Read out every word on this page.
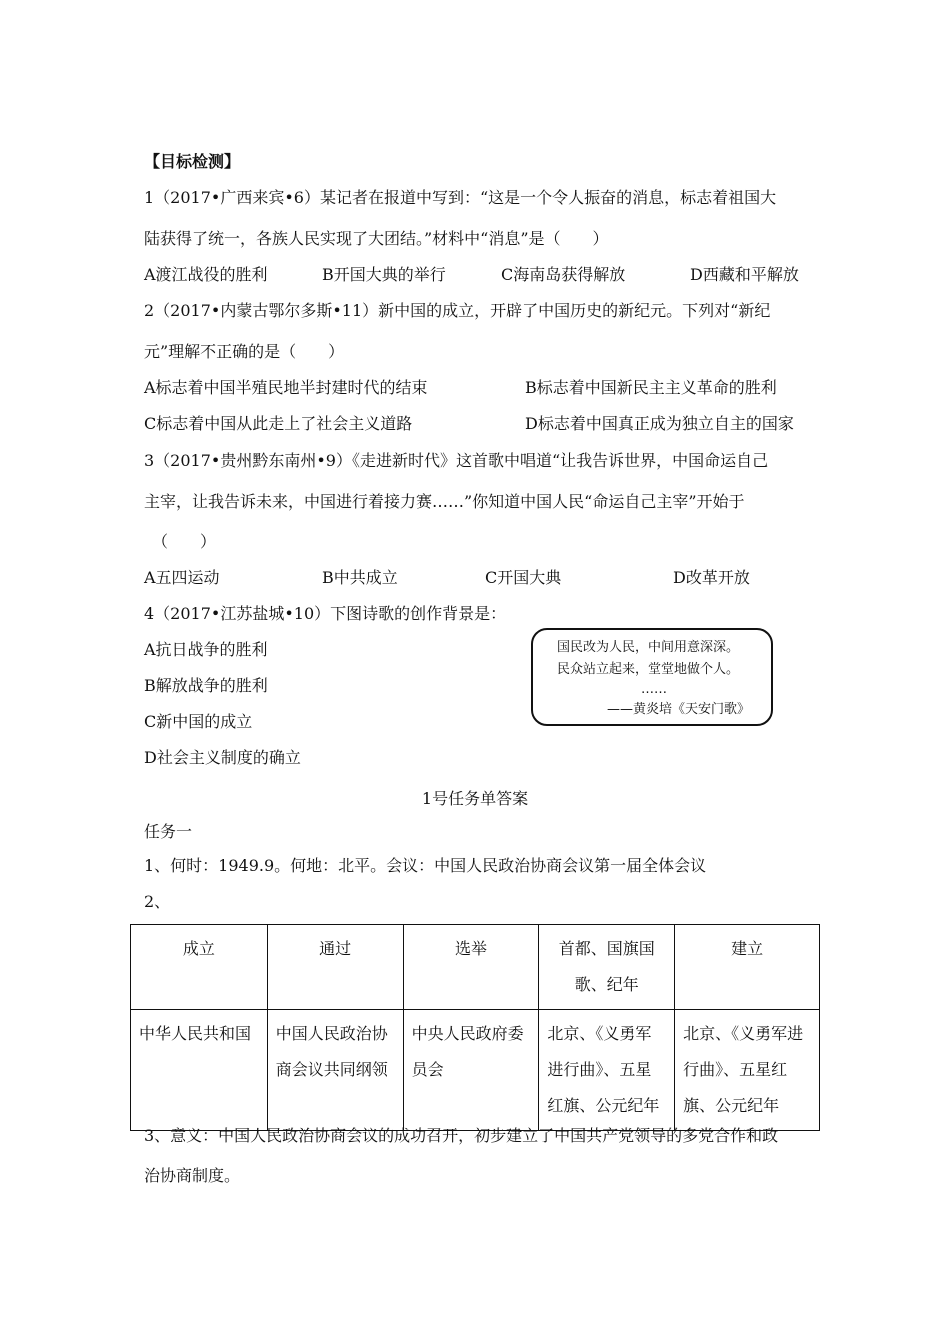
【目标检测】
1（2017•广西来宾•6）某记者在报道中写到：“这是一个令人振奋的消息，标志着祖国大
陆获得了统一，各族人民实现了大团结。”材料中“消息”是（　　）
A渡江战役的胜利	B开国大典的举行	C海南岛获得解放	D西藏和平解放
2（2017•内蒙古鄂尔多斯•11）新中国的成立，开辟了中国历史的新纪元。下列对“新纪
元”理解不正确的是（　　）
A标志着中国半殖民地半封建时代的结束	B标志着中国新民主主义革命的胜利
C标志着中国从此走上了社会主义道路	D标志着中国真正成为独立自主的国家
3（2017•贵州黔东南州•9）《走进新时代》这首歌中唱道“让我告诉世界，中国命运自己
主宰，让我告诉未来，中国进行着接力赛……”你知道中国人民“命运自己主宰”开始于
（　　）
A五四运动	B中共成立	C开国大典	D改革开放
4（2017•江苏盐城•10）下图诗歌的创作背景是：
A抗日战争的胜利
B解放战争的胜利
C新中国的成立
D社会主义制度的确立
国民改为人民，中间用意深深。
民众站立起来，堂堂地做个人。
……
——黄炎培《天安门歌》
1号任务单答案
任务一
1、何时：1949.9。何地：北平。会议：中国人民政治协商会议第一届全体会议
2、
成立	通过	选举	首都、国旗国歌、纪年	建立
中华人民共和国	中国人民政治协商会议共同纲领	中央人民政府委员会	北京、《义勇军进行曲》、五星红旗、公元纪年	北京、《义勇军进行曲》、五星红旗、公元纪年
3、意义：中国人民政治协商会议的成功召开，初步建立了中国共产党领导的多党合作和政
治协商制度。
